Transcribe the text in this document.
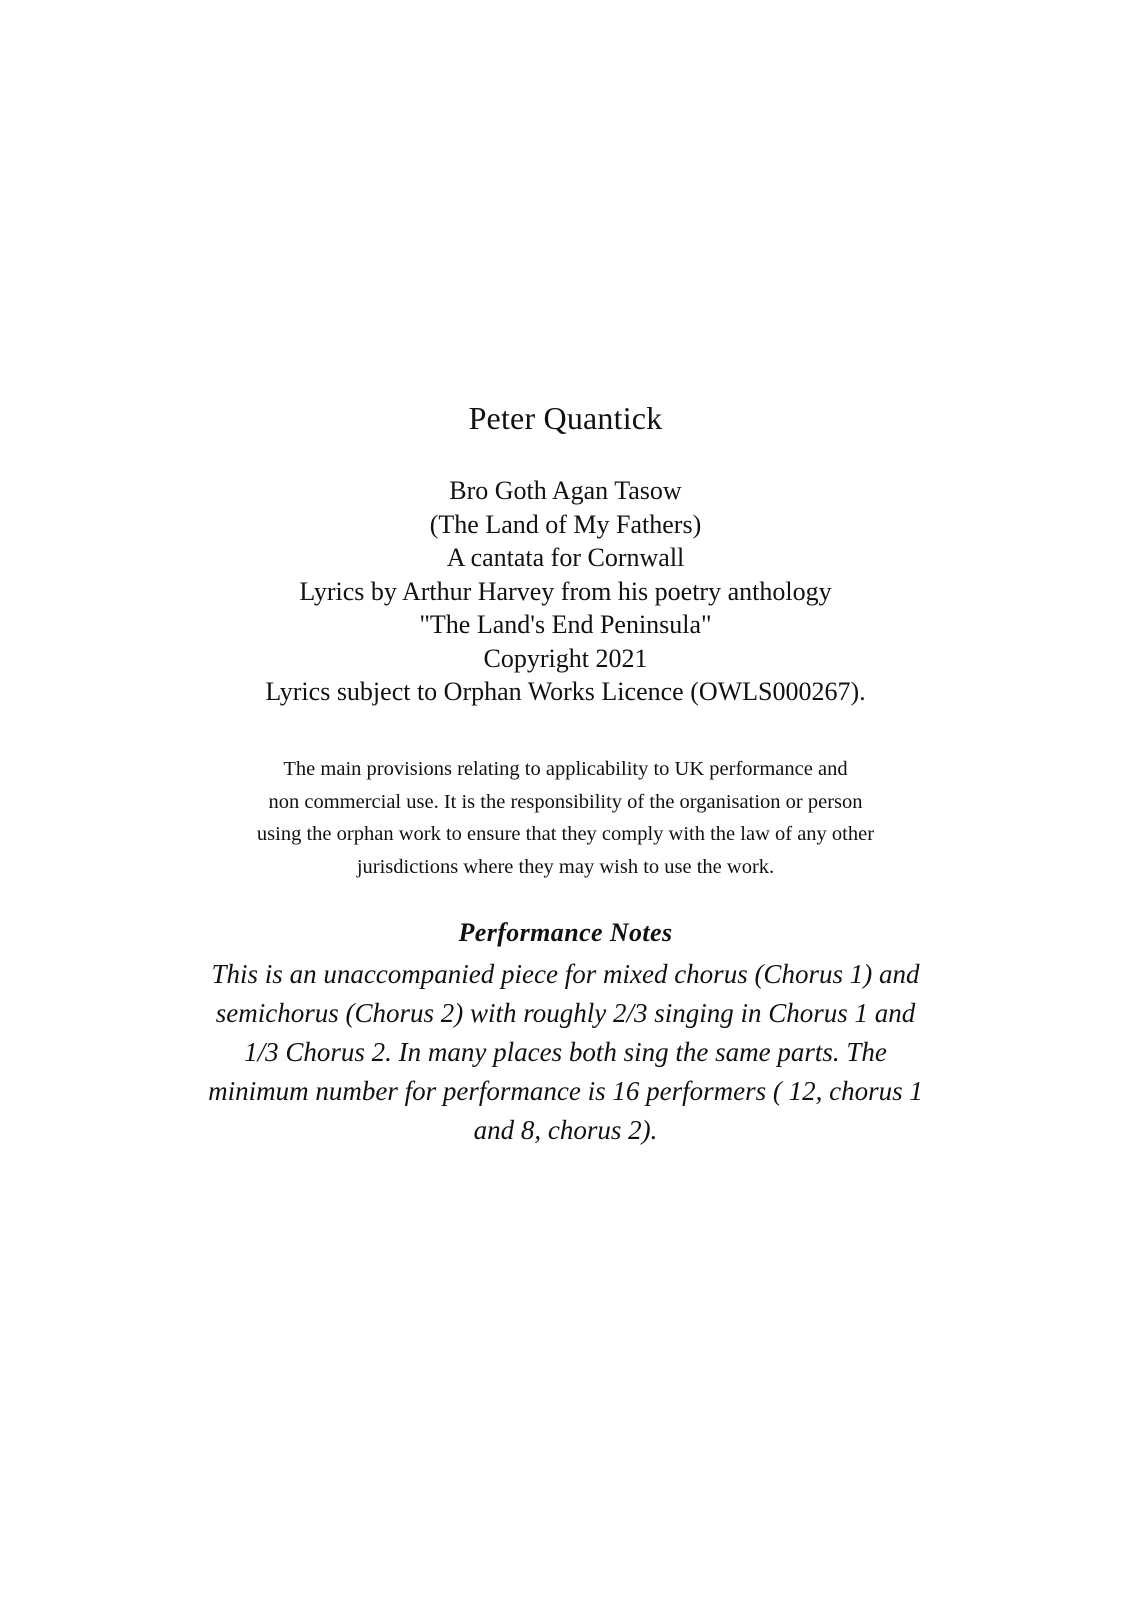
Peter Quantick
Bro Goth Agan Tasow
(The Land of My Fathers)
A cantata for Cornwall
Lyrics by Arthur Harvey from his poetry anthology
"The Land's End Peninsula"
Copyright 2021
Lyrics subject to Orphan Works Licence (OWLS000267).
The main provisions relating to applicability to UK performance and
non commercial use. It is the responsibility of the organisation or person
using the orphan work to ensure that they comply with the law of any other
jurisdictions where they may wish to use the work.
Performance Notes
This is an unaccompanied piece for mixed chorus (Chorus 1) and
semichorus (Chorus 2) with roughly 2/3 singing in Chorus 1 and
1/3 Chorus 2. In many places both sing the same parts. The
minimum number for performance is 16 performers ( 12, chorus 1
and 8, chorus 2).
